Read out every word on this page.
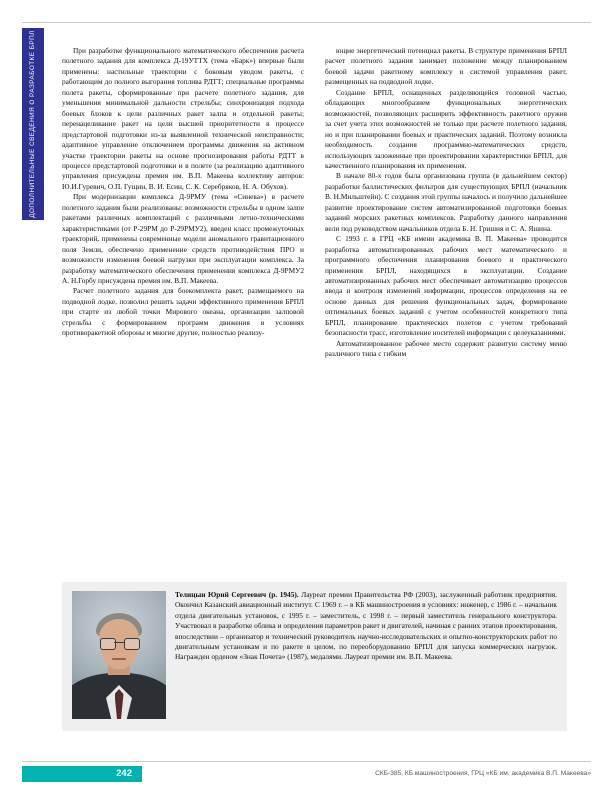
ДОПОЛНИТЕЛЬНЫЕ СВЕДЕНИЯ О РАЗРАБОТКЕ БРПЛ	При разработке функционального математического обеспечения расчета полетного задания для комплекса Д-19УТТХ (тема «Барк») впервые были применены: настильные траектории с боковым уводом ракеты, с работающим до полного выгорания топлива РДТТ; специальные программы полета ракеты, сформированные при расчете полетного задания, для уменьшения минимальной дальности стрельбы; синхронизация подхода боевых блоков к цели различных ракет залпа и отдельной ракеты; перенацеливание ракет на цели высшей приоритетности в процессе предстартовой подготовки из-за выявленной технической неисправности; адаптивное управление отключением программы движения на активном участке траектории ракеты на основе прогнозирования работы РДТТ в процессе предстартовой подготовки и в полете (за реализацию адаптивного управления присуждена премия им. В.П. Макеева коллективу авторов: Ю.И.Гуревич, О.П. Гущин, В. И. Есин, С. К. Серебряков, Н. А. Обухов).

При модернизации комплекса Д-9РМУ (тема «Синева») в расчете полетного задания были реализованы: возможности стрельбы в одном залпе ракетами различных комплектаций с различными летно-техническими характеристиками (от Р-29РМ до Р-29РМУ2), введен класс промежуточных траекторий, применены современные модели аномального гравитационного поля Земли, обеспечено применение средств противодействия ПРО и возможности изменения боевой нагрузки при эксплуатации комплекса. За разработку математического обеспечения применения комплекса Д-9РМУ2 А. Н.Горбу присуждена премия им. В.П. Макеева.

Расчет полетного задания для боекомплекта ракет, размещаемого на подводной лодке, позволил решить задачи эффективного применения БРПЛ при старте из любой точки Мирового океана, организации залповой стрельбы с формированием программ движения в условиях противоракетной обороны и многие другие, полностью реализу-

ющие энергетический потенциал ракеты. В структуре применения БРПЛ расчет полетного задания занимает положение между планированием боевой задачи ракетному комплексу и системой управления ракет, размещенных на подводной лодке.

Создание БРПЛ, оснащенных разделяющейся головной частью, обладающих многообразием функциональных энергетических возможностей, позволяющих расширить эффективность ракетного оружия за счет учета этих возможностей не только при расчете полетного задания, но и при планировании боевых и практических заданий. Поэтому возникла необходимость создания программно-математических средств, использующих заложенные при проектировании характеристики БРПЛ, для качественного планирования их применения.

В начале 80-х годов была организована группа (в дальнейшем сектор) разработки баллистических фильтров для существующих БРПЛ (начальник В. Н.Мильштейн). С создания этой группы началось и получило дальнейшее развитие проектирование систем автоматизированной подготовки боевых заданий морских ракетных комплексов. Разработку данного направления вели под руководством начальников отдела Б. Н. Гришия и С. А. Яшина.

С 1993 г. в ГРЦ «КБ имени академика В. П. Макеева» проводится разработка автоматизированных рабочих мест математического и программного обеспечения планирования боевого и практического применения БРПЛ, находящихся в эксплуатации. Создание автоматизированных рабочих мест обеспечивает автоматизацию процессов ввода и контроля изменений информации, процессов определения на ее основе данных для решения функциональных задач, формирование оптимальных боевых заданий с учетом особенностей конкретного типа БРПЛ, планирование практических полетов с учетом требований безопасности трасс, изготовление носителей информации с целеуказаниями.

Автоматизированное рабочее место содержит развитую систему меню различного типа с гибким

Телицын Юрий Сергеевич (р. 1945). Лауреат премии Правительства РФ (2003), заслуженный работник предприятия. Окончил Казанский авиационный институт. С 1969 г. – в КБ машиностроения в условиях: инженер, с 1986 г. – начальник отдела двигательных установок, с 1995 г. – заместитель, с 1998 г. – первый заместитель генерального конструктора. Участвовал в разработке облика и определения параметров ракет и двигателей, начиная с ранних этапов проектирования, впоследствии – организатор и технический руководитель научно-исследовательских и опытно-конструкторских работ по двигательным установкам и по ракете в целом, по переоборудованию БРПЛ для запуска коммерческих нагрузок. Награжден орденом «Знак Почета» (1987), медалями. Лауреат премии им. В.П. Макеева.
242	СКБ-385, КБ машиностроения, ГРЦ «КБ им. академика В.П. Макеева»
